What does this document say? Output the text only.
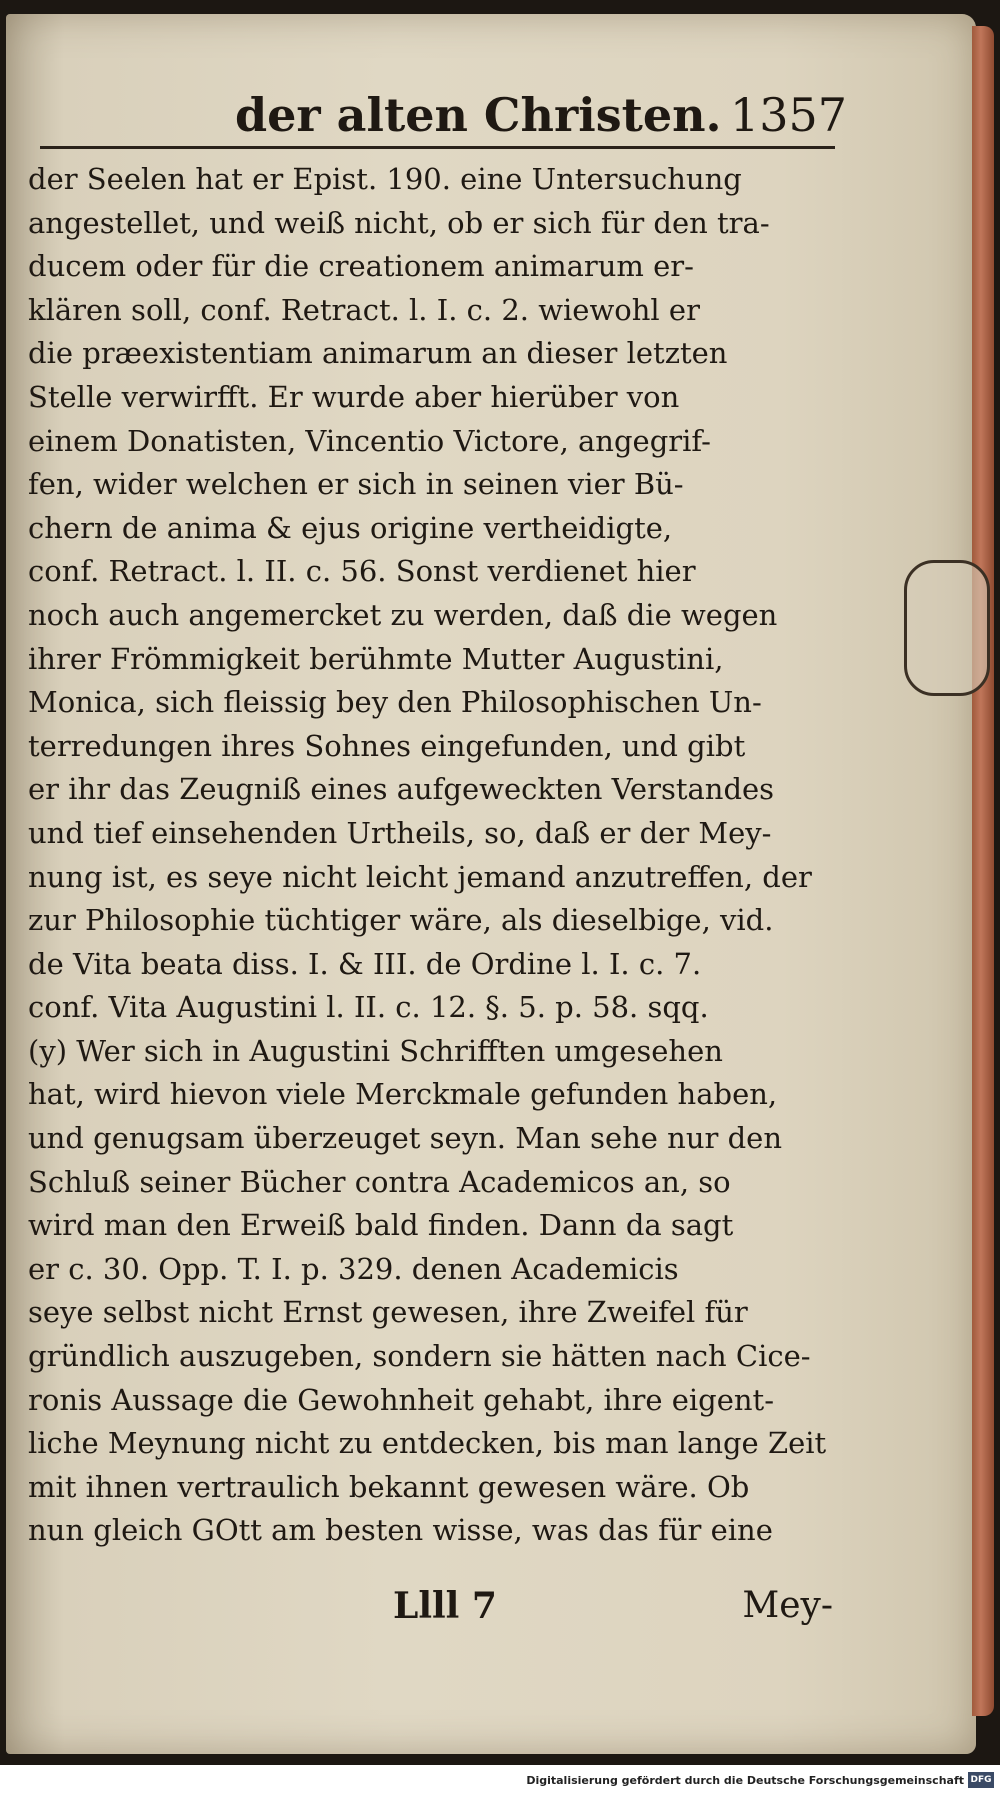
der alten Christen. 1357
der Seelen hat er Epist. 190. eine Untersuchung
angestellet, und weiß nicht, ob er sich für den tra-
ducem oder für die creationem animarum er-
klären soll, conf. Retract. l. I. c. 2. wiewohl er
die præexistentiam animarum an dieser letzten
Stelle verwirfft. Er wurde aber hierüber von
einem Donatisten, Vincentio Victore, angegrif-
fen, wider welchen er sich in seinen vier Bü-
chern de anima & ejus origine vertheidigte,
conf. Retract. l. II. c. 56. Sonst verdienet hier
noch auch angemercket zu werden, daß die wegen
ihrer Frömmigkeit berühmte Mutter Augustini,
Monica, sich fleissig bey den Philosophischen Un-
terredungen ihres Sohnes eingefunden, und gibt
er ihr das Zeugniß eines aufgeweckten Verstandes
und tief einsehenden Urtheils, so, daß er der Mey-
nung ist, es seye nicht leicht jemand anzutreffen, der
zur Philosophie tüchtiger wäre, als dieselbige, vid.
de Vita beata diss. I. & III. de Ordine l. I. c. 7.
conf. Vita Augustini l. II. c. 12. §. 5. p. 58. sqq.
(y) Wer sich in Augustini Schrifften umgesehen
hat, wird hievon viele Merckmale gefunden haben,
und genugsam überzeuget seyn. Man sehe nur den
Schluß seiner Bücher contra Academicos an, so
wird man den Erweiß bald finden. Dann da sagt
er c. 30. Opp. T. I. p. 329. denen Academicis
seye selbst nicht Ernst gewesen, ihre Zweifel für
gründlich auszugeben, sondern sie hätten nach Cice-
ronis Aussage die Gewohnheit gehabt, ihre eigent-
liche Meynung nicht zu entdecken, bis man lange Zeit
mit ihnen vertraulich bekannt gewesen wäre. Ob
nun gleich GOtt am besten wisse, was das für eine
Llll 7	Mey-
Digitalisierung gefördert durch die Deutsche Forschungsgemeinschaft DFG
